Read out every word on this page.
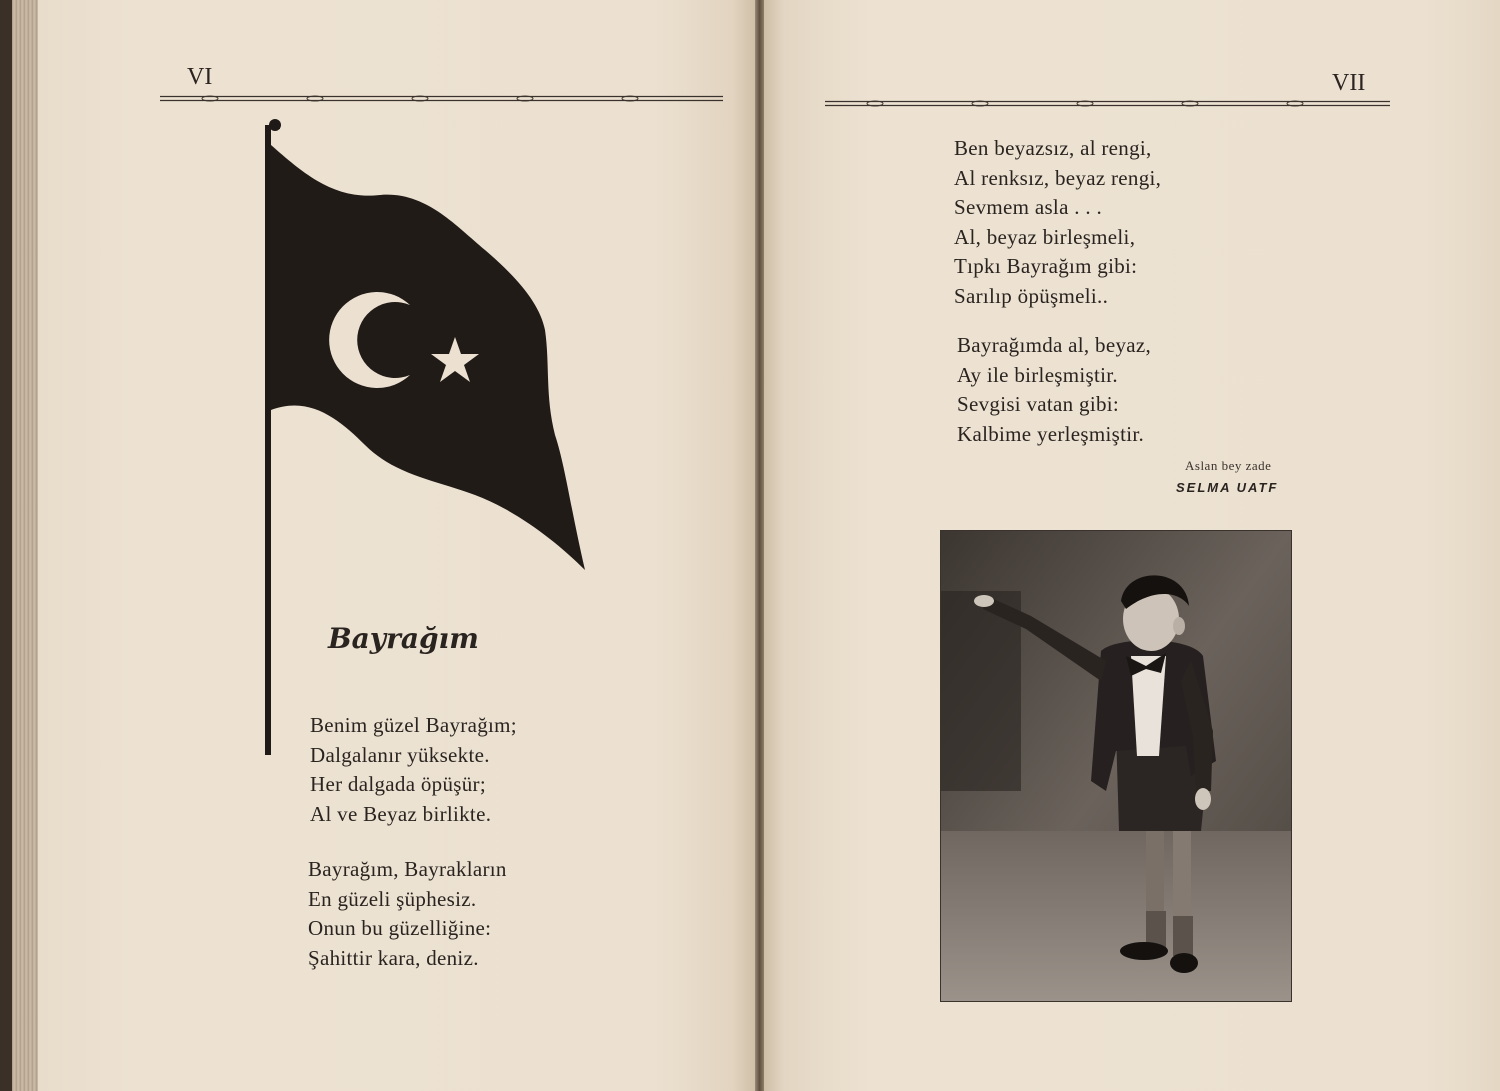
VI	VII
Bayrağım
Benim güzel Bayrağım;
Dalgalanır yüksekte.
Her dalgada öpüşür;
Al ve Beyaz birlikte.
Bayrağım, Bayrakların
En güzeli şüphesiz.
Onun bu güzelliğine:
Şahittir kara, deniz.
Ben beyazsız, al rengi,
Al renksız, beyaz rengi,
Sevmem asla . . .
Al, beyaz birleşmeli,
Tıpkı Bayrağım gibi:
Sarılıp öpüşmeli..
Bayrağımda al, beyaz,
Ay ile birleşmiştir.
Sevgisi vatan gibi:
Kalbime yerleşmiştir.
Aslan bey zade
SELMA UATF
